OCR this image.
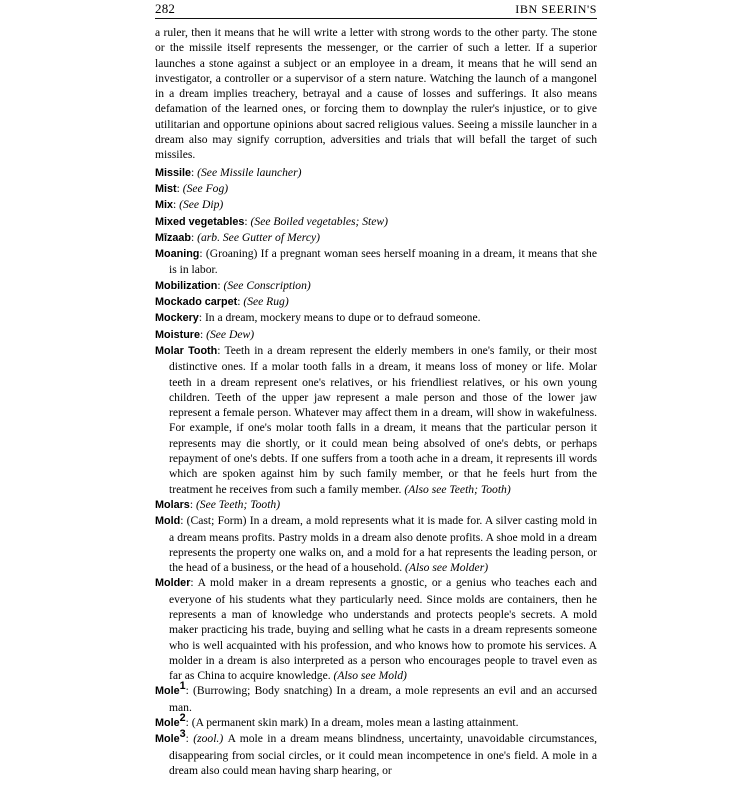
282	IBN SEERIN'S

a ruler, then it means that he will write a letter with strong words to the other party. The stone or the missile itself represents the messenger, or the carrier of such a letter. If a superior launches a stone against a subject or an employee in a dream, it means that he will send an investigator, a controller or a supervisor of a stern nature. Watching the launch of a mangonel in a dream implies treachery, betrayal and a cause of losses and sufferings. It also means defamation of the learned ones, or forcing them to downplay the ruler's injustice, or to give utilitarian and opportune opinions about sacred religious values. Seeing a missile launcher in a dream also may signify corruption, adversities and trials that will befall the target of such missiles.

Missile: (See Missile launcher)

Mist: (See Fog)

Mix: (See Dip)

Mixed vegetables: (See Boiled vegetables; Stew)

Mīzaab: (arb. See Gutter of Mercy)

Moaning: (Groaning) If a pregnant woman sees herself moaning in a dream, it means that she is in labor.

Mobilization: (See Conscription)

Mockado carpet: (See Rug)

Mockery: In a dream, mockery means to dupe or to defraud someone.

Moisture: (See Dew)

Molar Tooth: Teeth in a dream represent the elderly members in one's family, or their most distinctive ones. If a molar tooth falls in a dream, it means loss of money or life. Molar teeth in a dream represent one's relatives, or his friendliest relatives, or his own young children. Teeth of the upper jaw represent a male person and those of the lower jaw represent a female person. Whatever may affect them in a dream, will show in wakefulness. For example, if one's molar tooth falls in a dream, it means that the particular person it represents may die shortly, or it could mean being absolved of one's debts, or perhaps repayment of one's debts. If one suffers from a tooth ache in a dream, it represents ill words which are spoken against him by such family member, or that he feels hurt from the treatment he receives from such a family member. (Also see Teeth; Tooth)

Molars: (See Teeth; Tooth)

Mold: (Cast; Form) In a dream, a mold represents what it is made for. A silver casting mold in a dream means profits. Pastry molds in a dream also denote profits. A shoe mold in a dream represents the property one walks on, and a mold for a hat represents the leading person, or the head of a business, or the head of a household. (Also see Molder)

Molder: A mold maker in a dream represents a gnostic, or a genius who teaches each and everyone of his students what they particularly need. Since molds are containers, then he represents a man of knowledge who understands and protects people's secrets. A mold maker practicing his trade, buying and selling what he casts in a dream represents someone who is well acquainted with his profession, and who knows how to promote his services. A molder in a dream is also interpreted as a person who encourages people to travel even as far as China to acquire knowledge. (Also see Mold)

Mole$^1$: (Burrowing; Body snatching) In a dream, a mole represents an evil and an accursed man.

Mole$^2$: (A permanent skin mark) In a dream, moles mean a lasting attainment.

Mole$^3$: (zool.) A mole in a dream means blindness, uncertainty, unavoidable circumstances, disappearing from social circles, or it could mean incompetence in one's field. A mole in a dream also could mean having sharp hearing, or
